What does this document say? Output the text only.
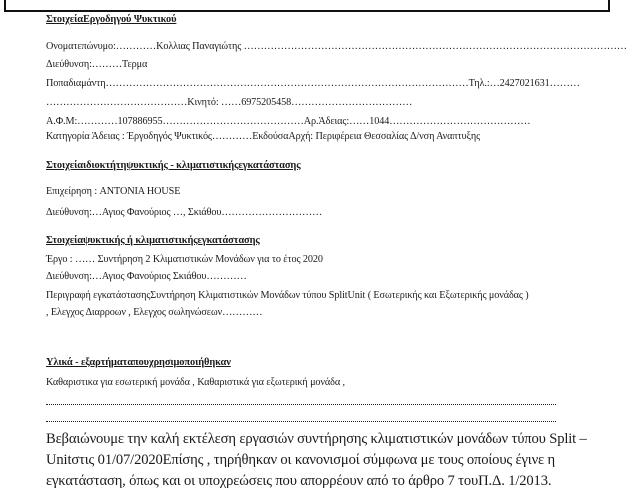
ΣτοιχείαΕργοδηγού Ψυκτικού
Ονοματεπώνυμο:…………Κολλιας Παναγιώτης ……………………………………………………………………………………………………
Διεύθυνση:………Τερμα
Ποπαδιαμάντη………………………………………………………………………………………………Τηλ.:…2427021631………
……………………………………Κινητό: ……6975205458………………………………
Α.Φ.Μ:…………107886955……………………………………Αρ.Άδειας:……1044……………………………………
Κατηγορία Άδειας : Έργοδηγός Ψυκτικός…………ΕκδούσαΑρχή: Περιφέρεια Θεσσαλίας Δ/νση Αναπτυξης
Στοιχείαιδιοκτήτηψυκτικής - κλιματιστικήςεγκατάστασης
Επιχείρηση : ANTONIA HOUSE
Διεύθυνση:…Αγιος Φανούριος …, Σκιάθου…………………………
Στοιχείαψυκτικής ή κλιματιστικήςεγκατάστασης
Έργο : …… Συντήρηση 2 Κλιματιστικών Μονάδων για το έτος 2020
Διεύθυνση:…Αγιος Φανούριος Σκιάθου…………
Περιγραφή εγκατάστασηςΣυντήρηση Κλιματιστικών Μονάδων τύπου SplitUnit ( Εσωτερικής και Εξωτερικής μονάδας )
, Ελεγχος Διαρροων , Ελεγχος σωληνώσεων…………
Υλικά - εξαρτήματαπουχρησιμοποιήθηκαν
Καθαριστικα για εσωτερική μονάδα , Καθαριστικά για εξωτερική μονάδα ,
Βεβαιώνουμε την καλή εκτέλεση εργασιών συντήρησης κλιματιστικών μονάδων τύπου Split –
Unitστις 01/07/2020Επίσης , τηρήθηκαν οι κανονισμοί σύμφωνα με τους οποίους έγινε η
εγκατάσταση, όπως και οι υποχρεώσεις που απορρέουν από το άρθρο 7 τουΠ.Δ. 1/2013.
